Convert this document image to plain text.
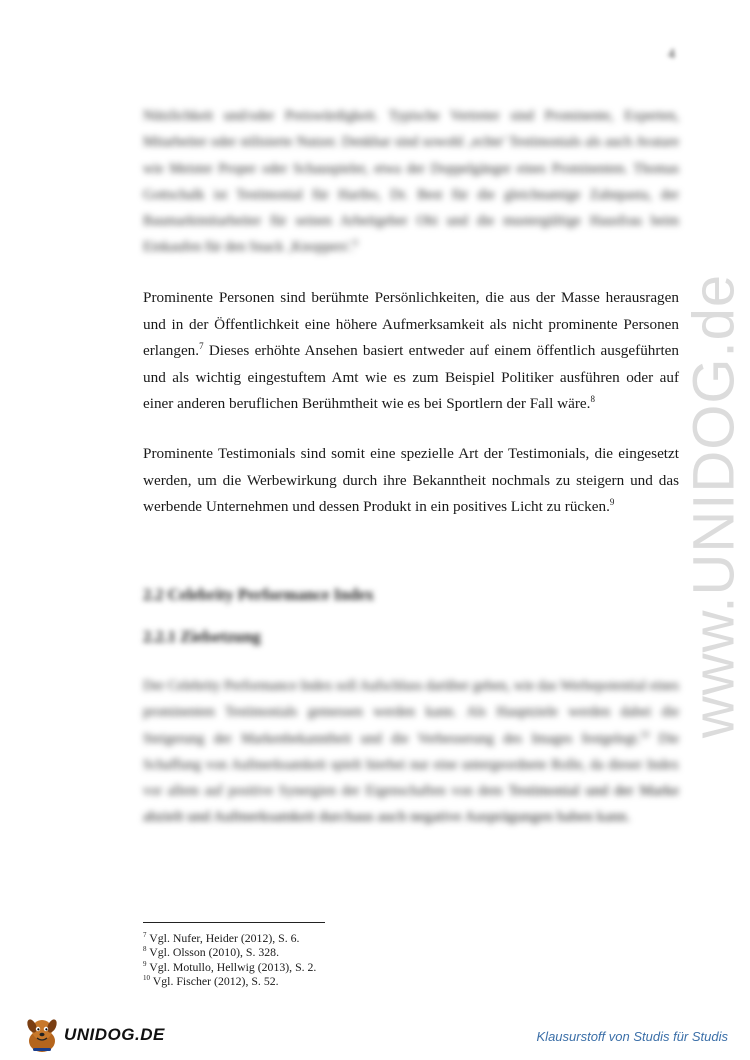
4
www.UNIDOG.de

Nützlichkeit und/oder Preiswürdigkeit. Typische Vertreter sind Prominente, Experten, Mitarbeiter oder stilisierte Nutzer. Denkbar sind sowohl ‚echte' Testimonials als auch Avatare wie Meister Proper oder Schauspieler, etwa der Doppelgänger eines Prominenten. Thomas Gottschalk ist Testimonial für Haribo, Dr. Best für die gleichnamige Zahnpasta, der Baumarktmitarbeiter für seinen Arbeitgeber Obi und die mustergültige Hausfrau beim Einkaufen für den Snack ‚Knoppers'.$^6$

Prominente Personen sind berühmte Persönlichkeiten, die aus der Masse herausragen und in der Öffentlichkeit eine höhere Aufmerksamkeit als nicht prominente Personen erlangen.$^7$ Dieses erhöhte Ansehen basiert entweder auf einem öffentlich ausgeführten und als wichtig eingestuftem Amt wie es zum Beispiel Politiker ausführen oder auf einer anderen beruflichen Berühmtheit wie es bei Sportlern der Fall wäre.$^8$

Prominente Testimonials sind somit eine spezielle Art der Testimonials, die eingesetzt werden, um die Werbewirkung durch ihre Bekanntheit nochmals zu steigern und das werbende Unternehmen und dessen Produkt in ein positives Licht zu rücken.$^9$

2.2 Celebrity Performance Index
2.2.1 Zielsetzung

Der Celebrity Performance Index soll Aufschluss darüber geben, wie das Werbepotential eines prominenten Testimonials gemessen werden kann. Als Hauptziele werden dabei die Steigerung der Markenbekanntheit und die Verbesserung des Images festgelegt.$^{10}$ Die Schaffung von Aufmerksamkeit spielt hierbei nur eine untergeordnete Rolle, da dieser Index vor allem auf positive Synergien der Eigenschaften von dem Testimonial und der Marke abzielt und Aufmerksamkeit durchaus auch negative Ausprägungen haben kann.

$^7$ Vgl. Nufer, Heider (2012), S. 6.
$^8$ Vgl. Olsson (2010), S. 328.
$^9$ Vgl. Motullo, Hellwig (2013), S. 2.
$^{10}$ Vgl. Fischer (2012), S. 52.
UNIDOG.DE	Klausurstoff von Studis für Studis
